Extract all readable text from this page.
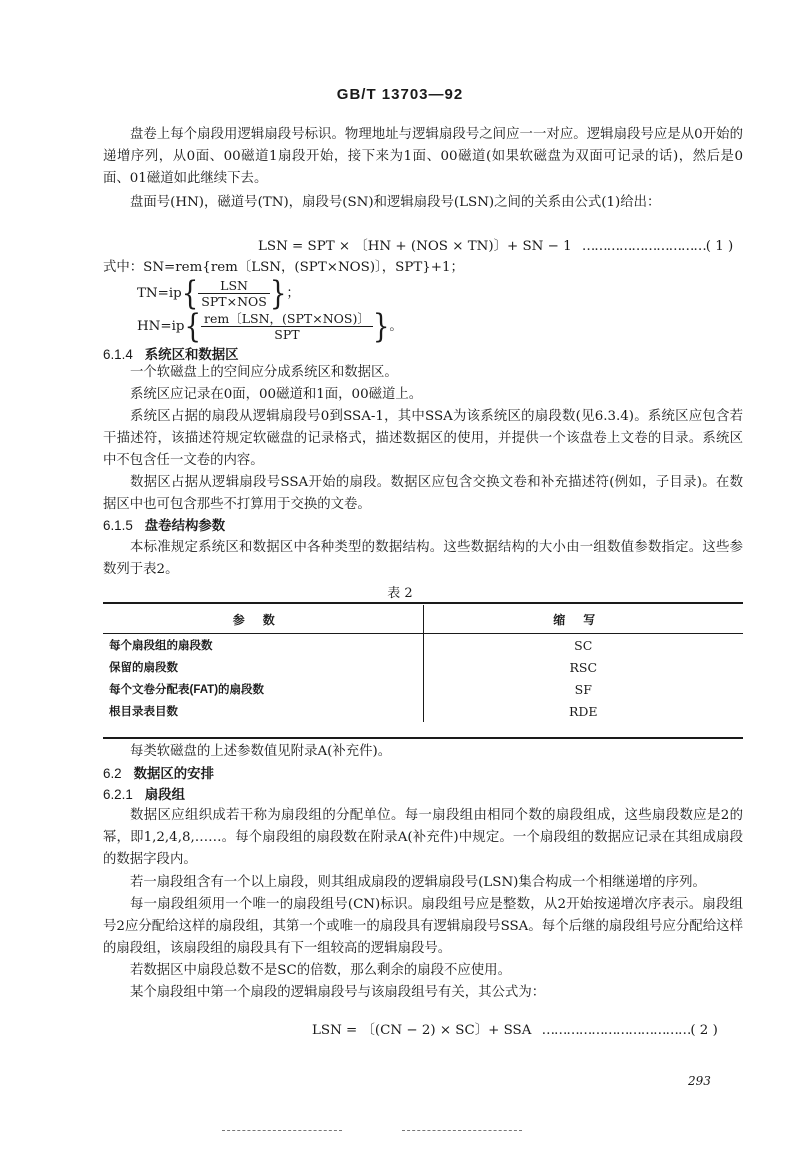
GB/T 13703—92
盘卷上每个扇段用逻辑扇段号标识。物理地址与逻辑扇段号之间应一一对应。逻辑扇段号应是从0开始的递增序列，从0面、00磁道1扇段开始，接下来为1面、00磁道(如果软磁盘为双面可记录的话)，然后是0面、01磁道如此继续下去。
盘面号(HN)，磁道号(TN)，扇段号(SN)和逻辑扇段号(LSN)之间的关系由公式(1)给出：
LSN = SPT × 〔HN + (NOS × TN)〕+ SN − 1 …………………………( 1 )
式中：SN=rem{rem〔LSN，(SPT×NOS)〕，SPT}+1；
$TN=ip\{ \frac{\text{LSN}}{\text{SPT×NOS}}$ }；
$HN=ip\{ \frac{\text{rem〔LSN，(SPT×NOS)〕}}{\text{SPT}}$ }。
6.1.4 系统区和数据区
一个软磁盘上的空间应分成系统区和数据区。
系统区应记录在0面，00磁道和1面，00磁道上。
系统区占据的扇段从逻辑扇段号0到SSA-1，其中SSA为该系统区的扇段数(见6.3.4)。系统区应包含若干描述符，该描述符规定软磁盘的记录格式，描述数据区的使用，并提供一个该盘卷上文卷的目录。系统区中不包含任一文卷的内容。
数据区占据从逻辑扇段号SSA开始的扇段。数据区应包含交换文卷和补充描述符(例如，子目录)。在数据区中也可包含那些不打算用于交换的文卷。
6.1.5 盘卷结构参数
本标准规定系统区和数据区中各种类型的数据结构。这些数据结构的大小由一组数值参数指定。这些参数列于表2。
表 2
参数	缩写
每个扇段组的扇段数	SC
保留的扇段数	RSC
每个文卷分配表(FAT)的扇段数	SF
根目录表目数	RDE
每类软磁盘的上述参数值见附录A(补充件)。
6.2 数据区的安排
6.2.1 扇段组
数据区应组织成若干称为扇段组的分配单位。每一扇段组由相同个数的扇段组成，这些扇段数应是2的幂，即1,2,4,8,……。每个扇段组的扇段数在附录A(补充件)中规定。一个扇段组的数据应记录在其组成扇段的数据字段内。
若一扇段组含有一个以上扇段，则其组成扇段的逻辑扇段号(LSN)集合构成一个相继递增的序列。
每一扇段组须用一个唯一的扇段组号(CN)标识。扇段组号应是整数，从2开始按递增次序表示。扇段组号2应分配给这样的扇段组，其第一个或唯一的扇段具有逻辑扇段号SSA。每个后继的扇段组号应分配给这样的扇段组，该扇段组的扇段具有下一组较高的逻辑扇段号。
若数据区中扇段总数不是SC的倍数，那么剩余的扇段不应使用。
某个扇段组中第一个扇段的逻辑扇段号与该扇段组号有关，其公式为：
LSN = 〔(CN − 2) × SC〕+ SSA ………………………………( 2 )
293
